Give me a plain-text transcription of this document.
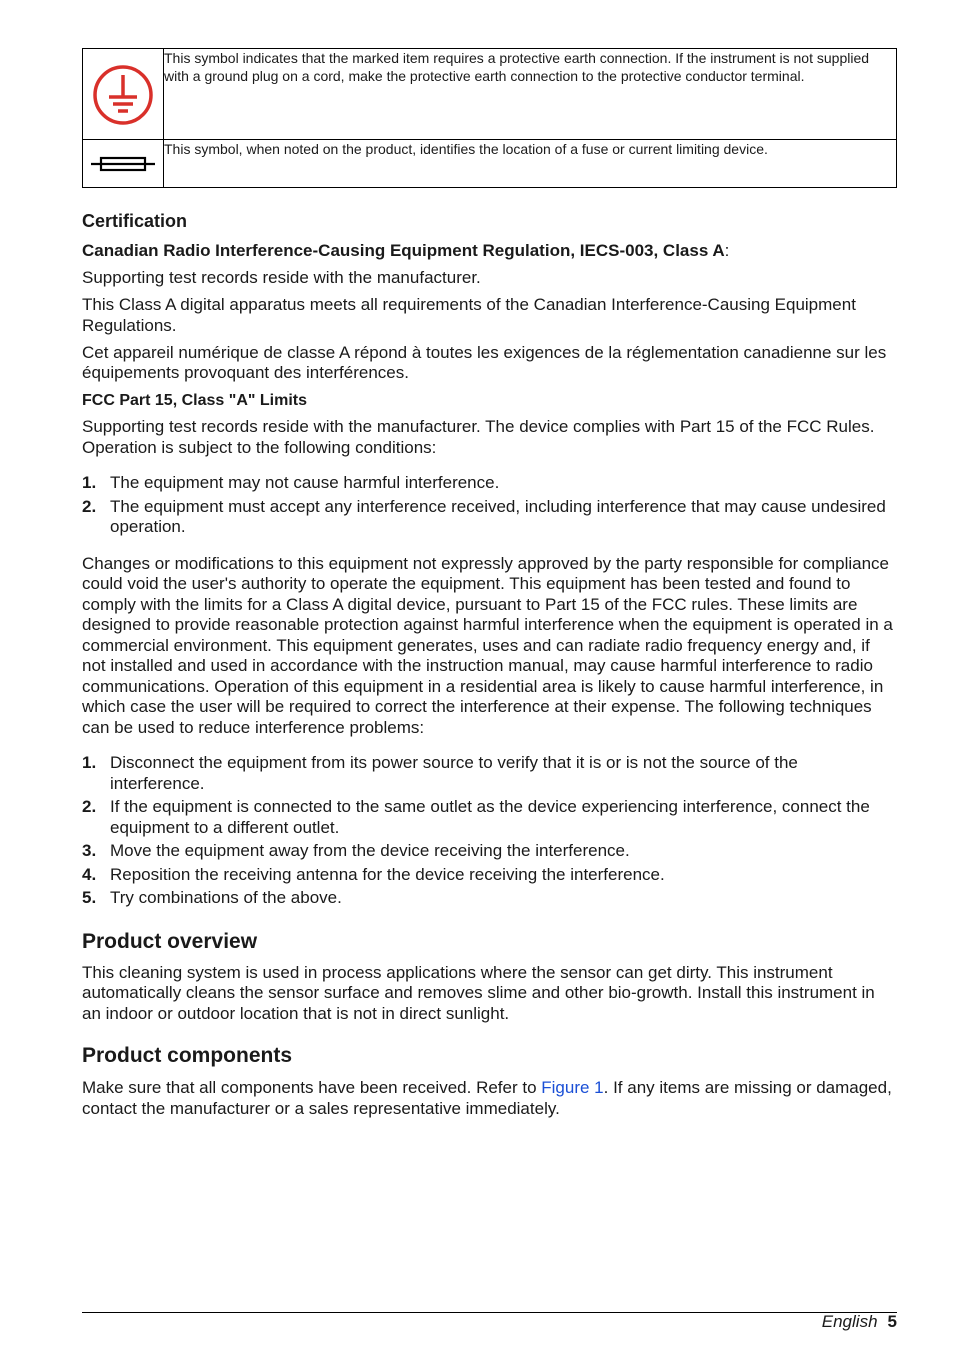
	This symbol indicates that the marked item requires a protective earth connection. If the instrument is not supplied with a ground plug on a cord, make the protective earth connection to the protective conductor terminal.

	This symbol, when noted on the product, identifies the location of a fuse or current limiting device.
Certification
Canadian Radio Interference-Causing Equipment Regulation, IECS-003, Class A:

Supporting test records reside with the manufacturer.

This Class A digital apparatus meets all requirements of the Canadian Interference-Causing Equipment Regulations.

Cet appareil numérique de classe A répond à toutes les exigences de la réglementation canadienne sur les équipements provoquant des interférences.

FCC Part 15, Class "A" Limits

Supporting test records reside with the manufacturer. The device complies with Part 15 of the FCC Rules. Operation is subject to the following conditions:

1. The equipment may not cause harmful interference.
2. The equipment must accept any interference received, including interference that may cause undesired operation.

Changes or modifications to this equipment not expressly approved by the party responsible for compliance could void the user's authority to operate the equipment. This equipment has been tested and found to comply with the limits for a Class A digital device, pursuant to Part 15 of the FCC rules. These limits are designed to provide reasonable protection against harmful interference when the equipment is operated in a commercial environment. This equipment generates, uses and can radiate radio frequency energy and, if not installed and used in accordance with the instruction manual, may cause harmful interference to radio communications. Operation of this equipment in a residential area is likely to cause harmful interference, in which case the user will be required to correct the interference at their expense. The following techniques can be used to reduce interference problems:

1. Disconnect the equipment from its power source to verify that it is or is not the source of the interference.
2. If the equipment is connected to the same outlet as the device experiencing interference, connect the equipment to a different outlet.
3. Move the equipment away from the device receiving the interference.
4. Reposition the receiving antenna for the device receiving the interference.
5. Try combinations of the above.
Product overview

This cleaning system is used in process applications where the sensor can get dirty. This instrument automatically cleans the sensor surface and removes slime and other bio-growth. Install this instrument in an indoor or outdoor location that is not in direct sunlight.

Product components

Make sure that all components have been received. Refer to Figure 1. If any items are missing or damaged, contact the manufacturer or a sales representative immediately.

English 5
